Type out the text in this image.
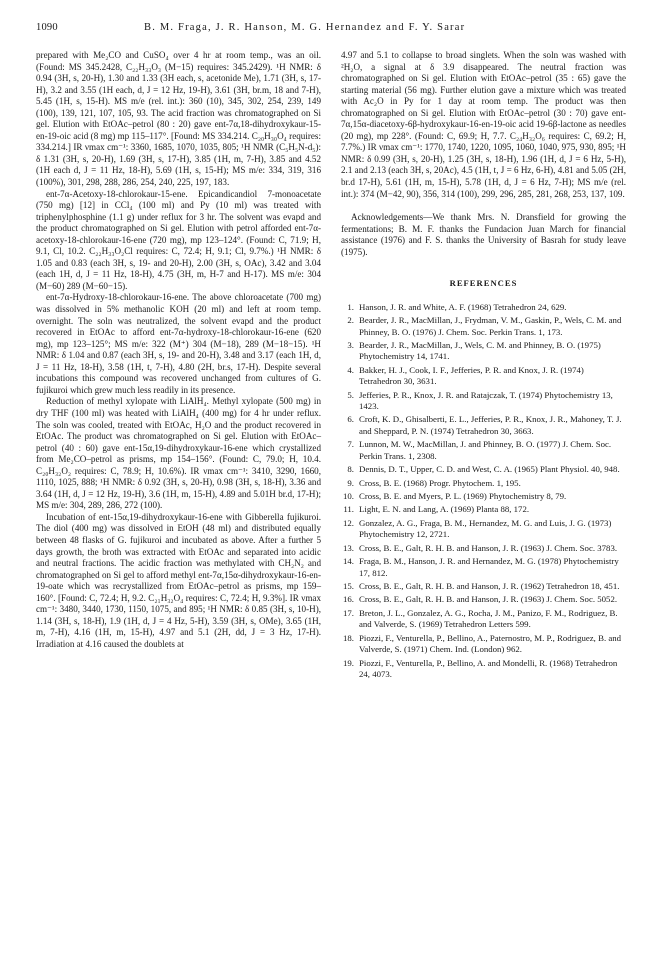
1090	B. M. Fraga, J. R. Hanson, M. G. Hernandez and F. Y. Sarar

prepared with Me₂CO and CuSO₄ over 4 hr at room temp., was an oil. (Found: MS 345.2428, C₂₂H₃₃O₃ (M−15) requires: 345.2429). ¹H NMR: δ 0.94 (3H, s, 20-H), 1.30 and 1.33 (3H each, s, acetonide Me), 1.71 (3H, s, 17-H), 3.2 and 3.55 (1H each, d, J = 12 Hz, 19-H), 3.61 (3H, br.m, 18 and 7-H), 5.45 (1H, s, 15-H). MS m/e (rel. int.): 360 (10), 345, 302, 254, 239, 149 (100), 139, 121, 107, 105, 93. The acid fraction was chromatographed on Si gel. Elution with EtOAc–petrol (80 : 20) gave ent-7α,18-dihydroxykaur-15-en-19-oic acid (8 mg) mp 115–117°. [Found: MS 334.214. C₂₀H₃₀O₄ requires: 334.214.] IR νmax cm⁻¹: 3360, 1685, 1070, 1035, 805; ¹H NMR (C₅H₅N-d₅): δ 1.31 (3H, s, 20-H), 1.69 (3H, s, 17-H), 3.85 (1H, m, 7-H), 3.85 and 4.52 (1H each d, J = 11 Hz, 18-H), 5.69 (1H, s, 15-H); MS m/e: 334, 319, 316 (100%), 301, 298, 288, 286, 254, 240, 225, 197, 183.

ent-7α-Acetoxy-18-chlorokaur-15-ene. Epicandicandiol 7-monoacetate (750 mg) [12] in CCl₄ (100 ml) and Py (10 ml) was treated with triphenylphosphine (1.1 g) under reflux for 3 hr. The solvent was evapd and the product chromatographed on Si gel. Elution with petrol afforded ent-7α-acetoxy-18-chlorokaur-16-ene (720 mg), mp 123–124°. (Found: C, 71.9; H, 9.1, Cl, 10.2. C₂₂H₃₃O₂Cl requires: C, 72.4; H, 9.1; Cl, 9.7%.) ¹H NMR: δ 1.05 and 0.83 (each 3H, s, 19- and 20-H), 2.00 (3H, s, OAc), 3.42 and 3.04 (each 1H, d, J = 11 Hz, 18-H), 4.75 (3H, m, H-7 and H-17). MS m/e: 304 (M−60) 289 (M−60−15).

ent-7α-Hydroxy-18-chlorokaur-16-ene. The above chloroacetate (700 mg) was dissolved in 5% methanolic KOH (20 ml) and left at room temp. overnight. The soln was neutralized, the solvent evapd and the product recovered in EtOAc to afford ent-7α-hydroxy-18-chlorokaur-16-ene (620 mg), mp 123–125°; MS m/e: 322 (M⁺) 304 (M−18), 289 (M−18−15). ¹H NMR: δ 1.04 and 0.87 (each 3H, s, 19- and 20-H), 3.48 and 3.17 (each 1H, d, J = 11 Hz, 18-H), 3.58 (1H, t, 7-H), 4.80 (2H, br.s, 17-H). Despite several incubations this compound was recovered unchanged from cultures of G. fujikuroi which grew much less readily in its presence.

Reduction of methyl xylopate with LiAlH₄. Methyl xylopate (500 mg) in dry THF (100 ml) was heated with LiAlH₄ (400 mg) for 4 hr under reflux. The soln was cooled, treated with EtOAc, H₂O and the product recovered in EtOAc. The product was chromatographed on Si gel. Elution with EtOAc–petrol (40 : 60) gave ent-15α,19-dihydroxykaur-16-ene which crystallized from Me₂CO–petrol as prisms, mp 154–156°. (Found: C, 79.0; H, 10.4. C₂₀H₃₂O₂ requires: C, 78.9; H, 10.6%). IR νmax cm⁻¹: 3410, 3290, 1660, 1110, 1025, 888; ¹H NMR: δ 0.92 (3H, s, 20-H), 0.98 (3H, s, 18-H), 3.36 and 3.64 (1H, d, J = 12 Hz, 19-H), 3.6 (1H, m, 15-H), 4.89 and 5.01H br.d, 17-H); MS m/e: 304, 289, 286, 272 (100).

Incubation of ent-15α,19-dihydroxykaur-16-ene with Gibberella fujikuroi. The diol (400 mg) was dissolved in EtOH (48 ml) and distributed equally between 48 flasks of G. fujikuroi and incubated as above. After a further 5 days growth, the broth was extracted with EtOAc and separated into acidic and neutral fractions. The acidic fraction was methylated with CH₂N₂ and chromatographed on Si gel to afford methyl ent-7α,15α-dihydroxykaur-16-en-19-oate which was recrystallized from EtOAc–petrol as prisms, mp 159–160°. [Found: C, 72.4; H, 9.2. C₂₁H₃₂O₄ requires: C, 72.4; H, 9.3%]. IR νmax cm⁻¹: 3480, 3440, 1730, 1150, 1075, and 895; ¹H NMR: δ 0.85 (3H, s, 10-H), 1.14 (3H, s, 18-H), 1.9 (1H, d, J = 4 Hz, 5-H), 3.59 (3H, s, OMe), 3.65 (1H, m, 7-H), 4.16 (1H, m, 15-H), 4.97 and 5.1 (2H, dd, J = 3 Hz, 17-H). Irradiation at 4.16 caused the doublets at

4.97 and 5.1 to collapse to broad singlets. When the soln was washed with ²H₂O, a signal at δ 3.9 disappeared. The neutral fraction was chromatographed on Si gel. Elution with EtOAc–petrol (35 : 65) gave the starting material (56 mg). Further elution gave a mixture which was treated with Ac₂O in Py for 1 day at room temp. The product was then chromatographed on Si gel. Elution with EtOAc–petrol (30 : 70) gave ent-7α,15α-diacetoxy-6β-hydroxykaur-16-en-19-oic acid 19-6β-lactone as needles (20 mg), mp 228°. (Found: C, 69.9; H, 7.7. C₂₄H₃₂O₆ requires: C, 69.2; H, 7.7%.) IR νmax cm⁻¹: 1770, 1740, 1220, 1095, 1060, 1040, 975, 930, 895; ¹H NMR: δ 0.99 (3H, s, 20-H), 1.25 (3H, s, 18-H), 1.96 (1H, d, J = 6 Hz, 5-H), 2.1 and 2.13 (each 3H, s, 20Ac), 4.5 (1H, t, J = 6 Hz, 6-H), 4.81 and 5.05 (2H, br.d 17-H), 5.61 (1H, m, 15-H), 5.78 (1H, d, J = 6 Hz, 7-H); MS m/e (rel. int.): 374 (M−42, 90), 356, 314 (100), 299, 296, 285, 281, 268, 253, 137, 109.

Acknowledgements—We thank Mrs. N. Dransfield for growing the fermentations; B. M. F. thanks the Fundacion Juan March for financial assistance (1976) and F. S. thanks the University of Basrah for study leave (1975).

REFERENCES
1. Hanson, J. R. and White, A. F. (1968) Tetrahedron 24, 629.
2. Bearder, J. R., MacMillan, J., Frydman, V. M., Gaskin, P., Wels, C. M. and Phinney, B. O. (1976) J. Chem. Soc. Perkin Trans. 1, 173.
3. Bearder, J. R., MacMillan, J., Wels, C. M. and Phinney, B. O. (1975) Phytochemistry 14, 1741.
4. Bakker, H. J., Cook, I. F., Jefferies, P. R. and Knox, J. R. (1974) Tetrahedron 30, 3631.
5. Jefferies, P. R., Knox, J. R. and Ratajczak, T. (1974) Phytochemistry 13, 1423.
6. Croft, K. D., Ghisalberti, E. L., Jefferies, P. R., Knox, J. R., Mahoney, T. J. and Sheppard, P. N. (1974) Tetrahedron 30, 3663.
7. Lunnon, M. W., MacMillan, J. and Phinney, B. O. (1977) J. Chem. Soc. Perkin Trans. 1, 2308.
8. Dennis, D. T., Upper, C. D. and West, C. A. (1965) Plant Physiol. 40, 948.
9. Cross, B. E. (1968) Progr. Phytochem. 1, 195.
10. Cross, B. E. and Myers, P. L. (1969) Phytochemistry 8, 79.
11. Light, E. N. and Lang, A. (1969) Planta 88, 172.
12. Gonzalez, A. G., Fraga, B. M., Hernandez, M. G. and Luis, J. G. (1973) Phytochemistry 12, 2721.
13. Cross, B. E., Galt, R. H. B. and Hanson, J. R. (1963) J. Chem. Soc. 3783.
14. Fraga, B. M., Hanson, J. R. and Hernandez, M. G. (1978) Phytochemistry 17, 812.
15. Cross, B. E., Galt, R. H. B. and Hanson, J. R. (1962) Tetrahedron 18, 451.
16. Cross, B. E., Galt, R. H. B. and Hanson, J. R. (1963) J. Chem. Soc. 5052.
17. Breton, J. L., Gonzalez, A. G., Rocha, J. M., Panizo, F. M., Rodriguez, B. and Valverde, S. (1969) Tetrahedron Letters 599.
18. Piozzi, F., Venturella, P., Bellino, A., Paternostro, M. P., Rodriguez, B. and Valverde, S. (1971) Chem. Ind. (London) 962.
19. Piozzi, F., Venturella, P., Bellino, A. and Mondelli, R. (1968) Tetrahedron 24, 4073.
